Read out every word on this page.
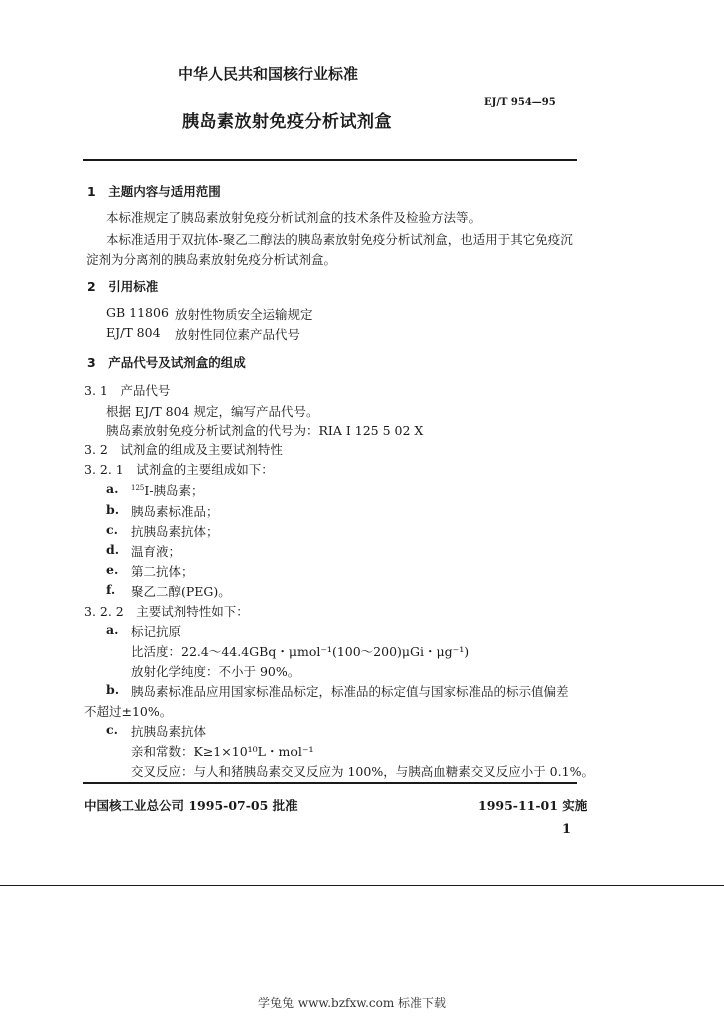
中华人民共和国核行业标准
EJ/T 954—95
胰岛素放射免疫分析试剂盒
1　主题内容与适用范围
本标准规定了胰岛素放射免疫分析试剂盒的技术条件及检验方法等。
本标准适用于双抗体-聚乙二醇法的胰岛素放射免疫分析试剂盒，也适用于其它免疫沉
淀剂为分离剂的胰岛素放射免疫分析试剂盒。
2　引用标准
GB 11806 放射性物质安全运输规定
EJ/T 804 放射性同位素产品代号
3　产品代号及试剂盒的组成
3. 1　产品代号
根据 EJ/T 804 规定，编写产品代号。
胰岛素放射免疫分析试剂盒的代号为：RIA I 125 5 02 X
3. 2　试剂盒的组成及主要试剂特性
3. 2. 1　试剂盒的主要组成如下：
a. $^{125}$I-胰岛素；
b. 胰岛素标准品；
c. 抗胰岛素抗体；
d. 温育液；
e. 第二抗体；
f. 聚乙二醇(PEG)。
3. 2. 2　主要试剂特性如下：
a. 标记抗原
比活度：22.4～44.4GBq・μmol⁻¹(100～200)μGi・μg⁻¹)
放射化学纯度：不小于 90%。
b. 胰岛素标准品应用国家标准品标定，标准品的标定值与国家标准品的标示值偏差
不超过±10%。
c. 抗胰岛素抗体
亲和常数：K≥1×10¹⁰L・mol⁻¹
交叉反应：与人和猪胰岛素交叉反应为 100%，与胰高血糖素交叉反应小于 0.1%。
中国核工业总公司 1995-07-05 批准	1995-11-01 实施
1
学兔兔 www.bzfxw.com 标准下载
